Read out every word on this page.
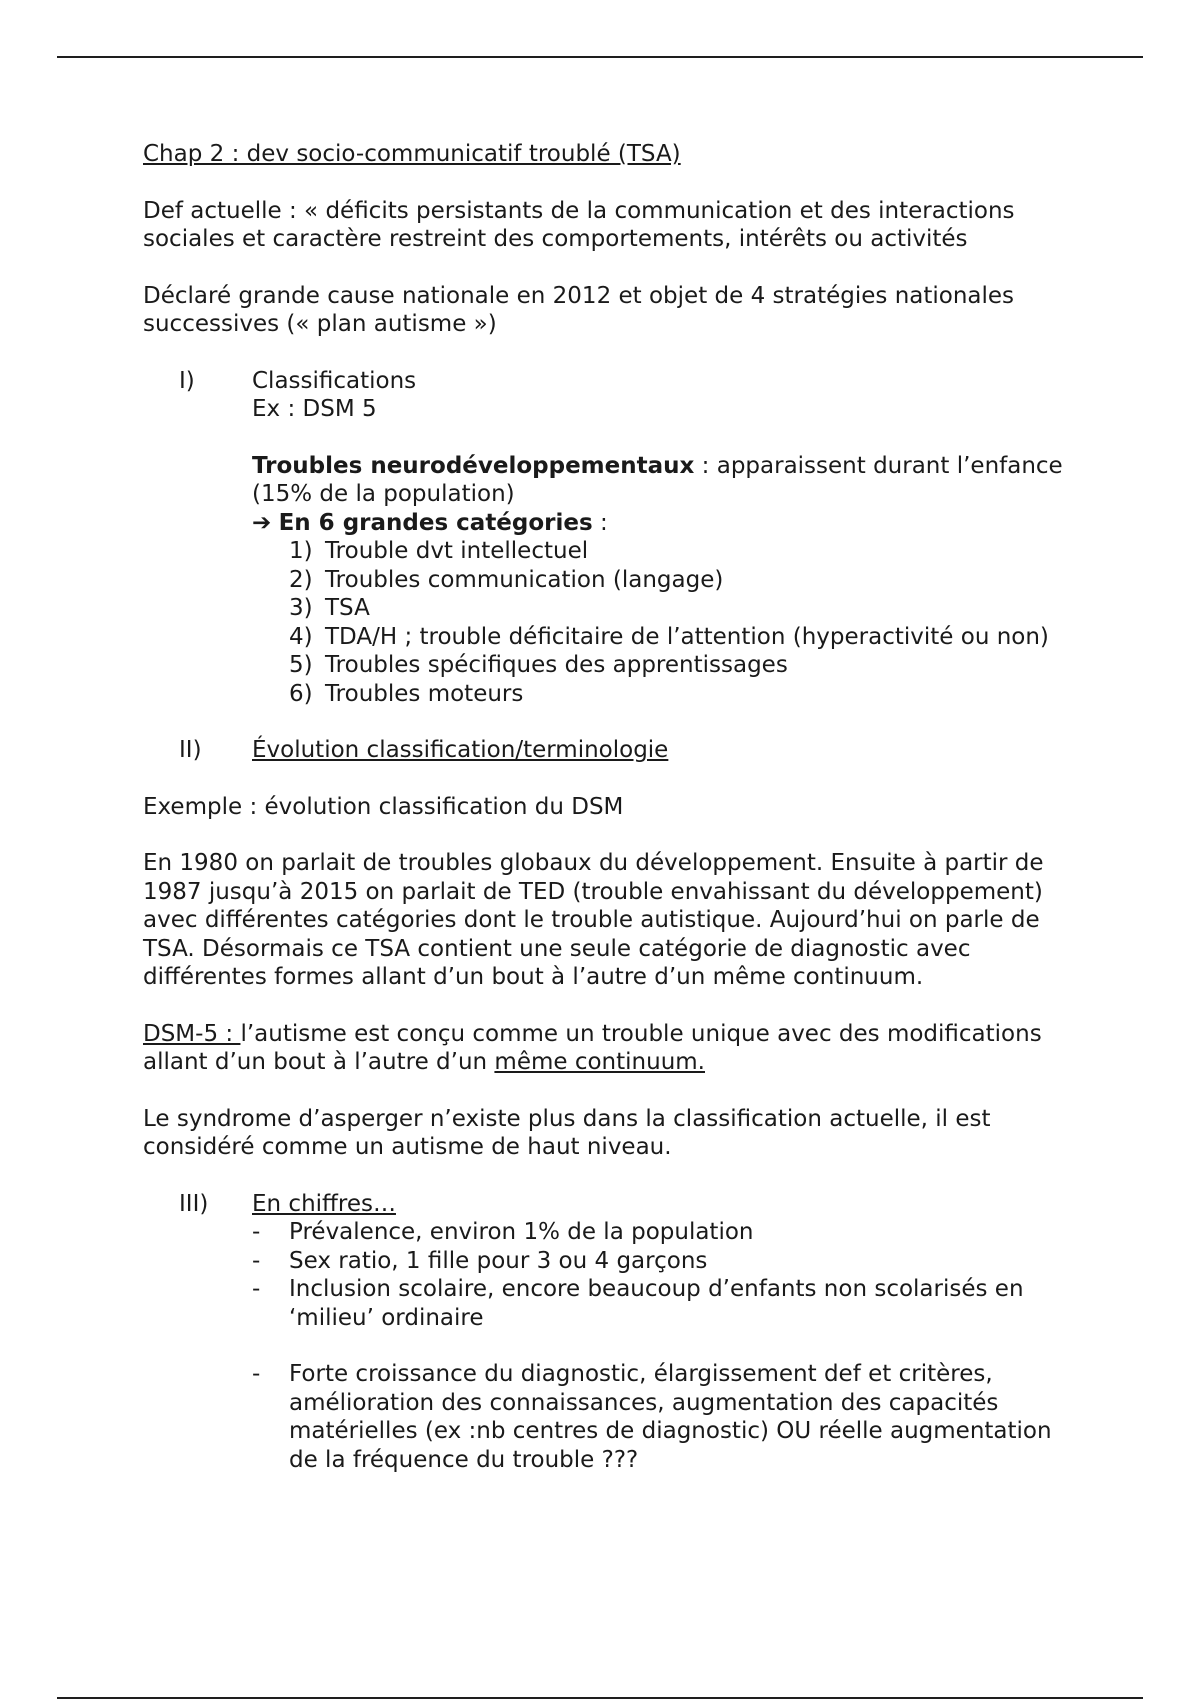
Chap 2 : dev socio-communicatif troublé (TSA)

Def actuelle : « déficits persistants de la communication et des interactions sociales et caractère restreint des comportements, intérêts ou activités

Déclaré grande cause nationale en 2012 et objet de 4 stratégies nationales successives (« plan autisme »)

I) Classifications

Ex : DSM 5

Troubles neurodéveloppementaux : apparaissent durant l’enfance (15% de la population)

➔ En 6 grandes catégories :

1) Trouble dvt intellectuel
2) Troubles communication (langage)
3) TSA
4) TDA/H ; trouble déficitaire de l’attention (hyperactivité ou non)
5) Troubles spécifiques des apprentissages
6) Troubles moteurs
II) Évolution classification/terminologie

Exemple : évolution classification du DSM

En 1980 on parlait de troubles globaux du développement. Ensuite à partir de 1987 jusqu’à 2015 on parlait de TED (trouble envahissant du développement) avec différentes catégories dont le trouble autistique. Aujourd’hui on parle de TSA. Désormais ce TSA contient une seule catégorie de diagnostic avec différentes formes allant d’un bout à l’autre d’un même continuum.

DSM-5 : l’autisme est conçu comme un trouble unique avec des modifications allant d’un bout à l’autre d’un même continuum.

Le syndrome d’asperger n’existe plus dans la classification actuelle, il est considéré comme un autisme de haut niveau.

III) En chiffres…

- Prévalence, environ 1% de la population
- Sex ratio, 1 fille pour 3 ou 4 garçons
- Inclusion scolaire, encore beaucoup d’enfants non scolarisés en ‘milieu’ ordinaire
- Forte croissance du diagnostic, élargissement def et critères, amélioration des connaissances, augmentation des capacités matérielles (ex :nb centres de diagnostic) OU réelle augmentation de la fréquence du trouble ???
